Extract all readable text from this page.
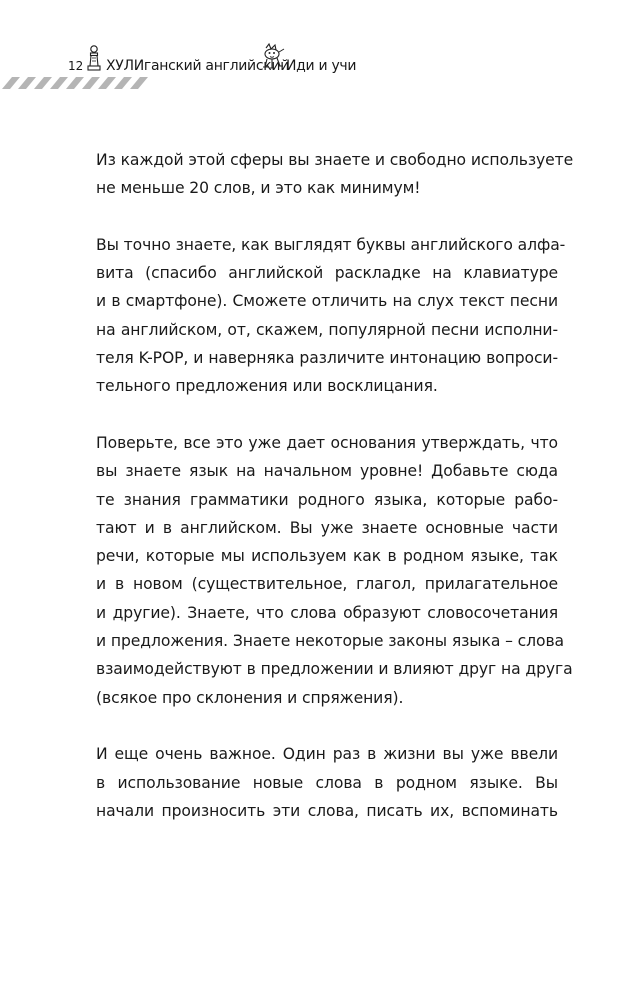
12 ХУЛИганский английский
Иди и учи
Из каждой этой сферы вы знаете и свободно используете
не меньше 20 слов, и это как минимум!
Вы точно знаете, как выглядят буквы английского алфа-
вита (спасибо английской раскладке на клавиатуре
и в смартфоне). Сможете отличить на слух текст песни
на английском, от, скажем, популярной песни исполни-
теля K-POP, и наверняка различите интонацию вопроси-
тельного предложения или восклицания.
Поверьте, все это уже дает основания утверждать, что
вы знаете язык на начальном уровне! Добавьте сюда
те знания грамматики родного языка, которые рабо-
тают и в английском. Вы уже знаете основные части
речи, которые мы используем как в родном языке, так
и в новом (существительное, глагол, прилагательное
и другие). Знаете, что слова образуют словосочетания
и предложения. Знаете некоторые законы языка – слова
взаимодействуют в предложении и влияют друг на друга
(всякое про склонения и спряжения).
И еще очень важное. Один раз в жизни вы уже ввели
в использование новые слова в родном языке. Вы
начали произносить эти слова, писать их, вспоминать
